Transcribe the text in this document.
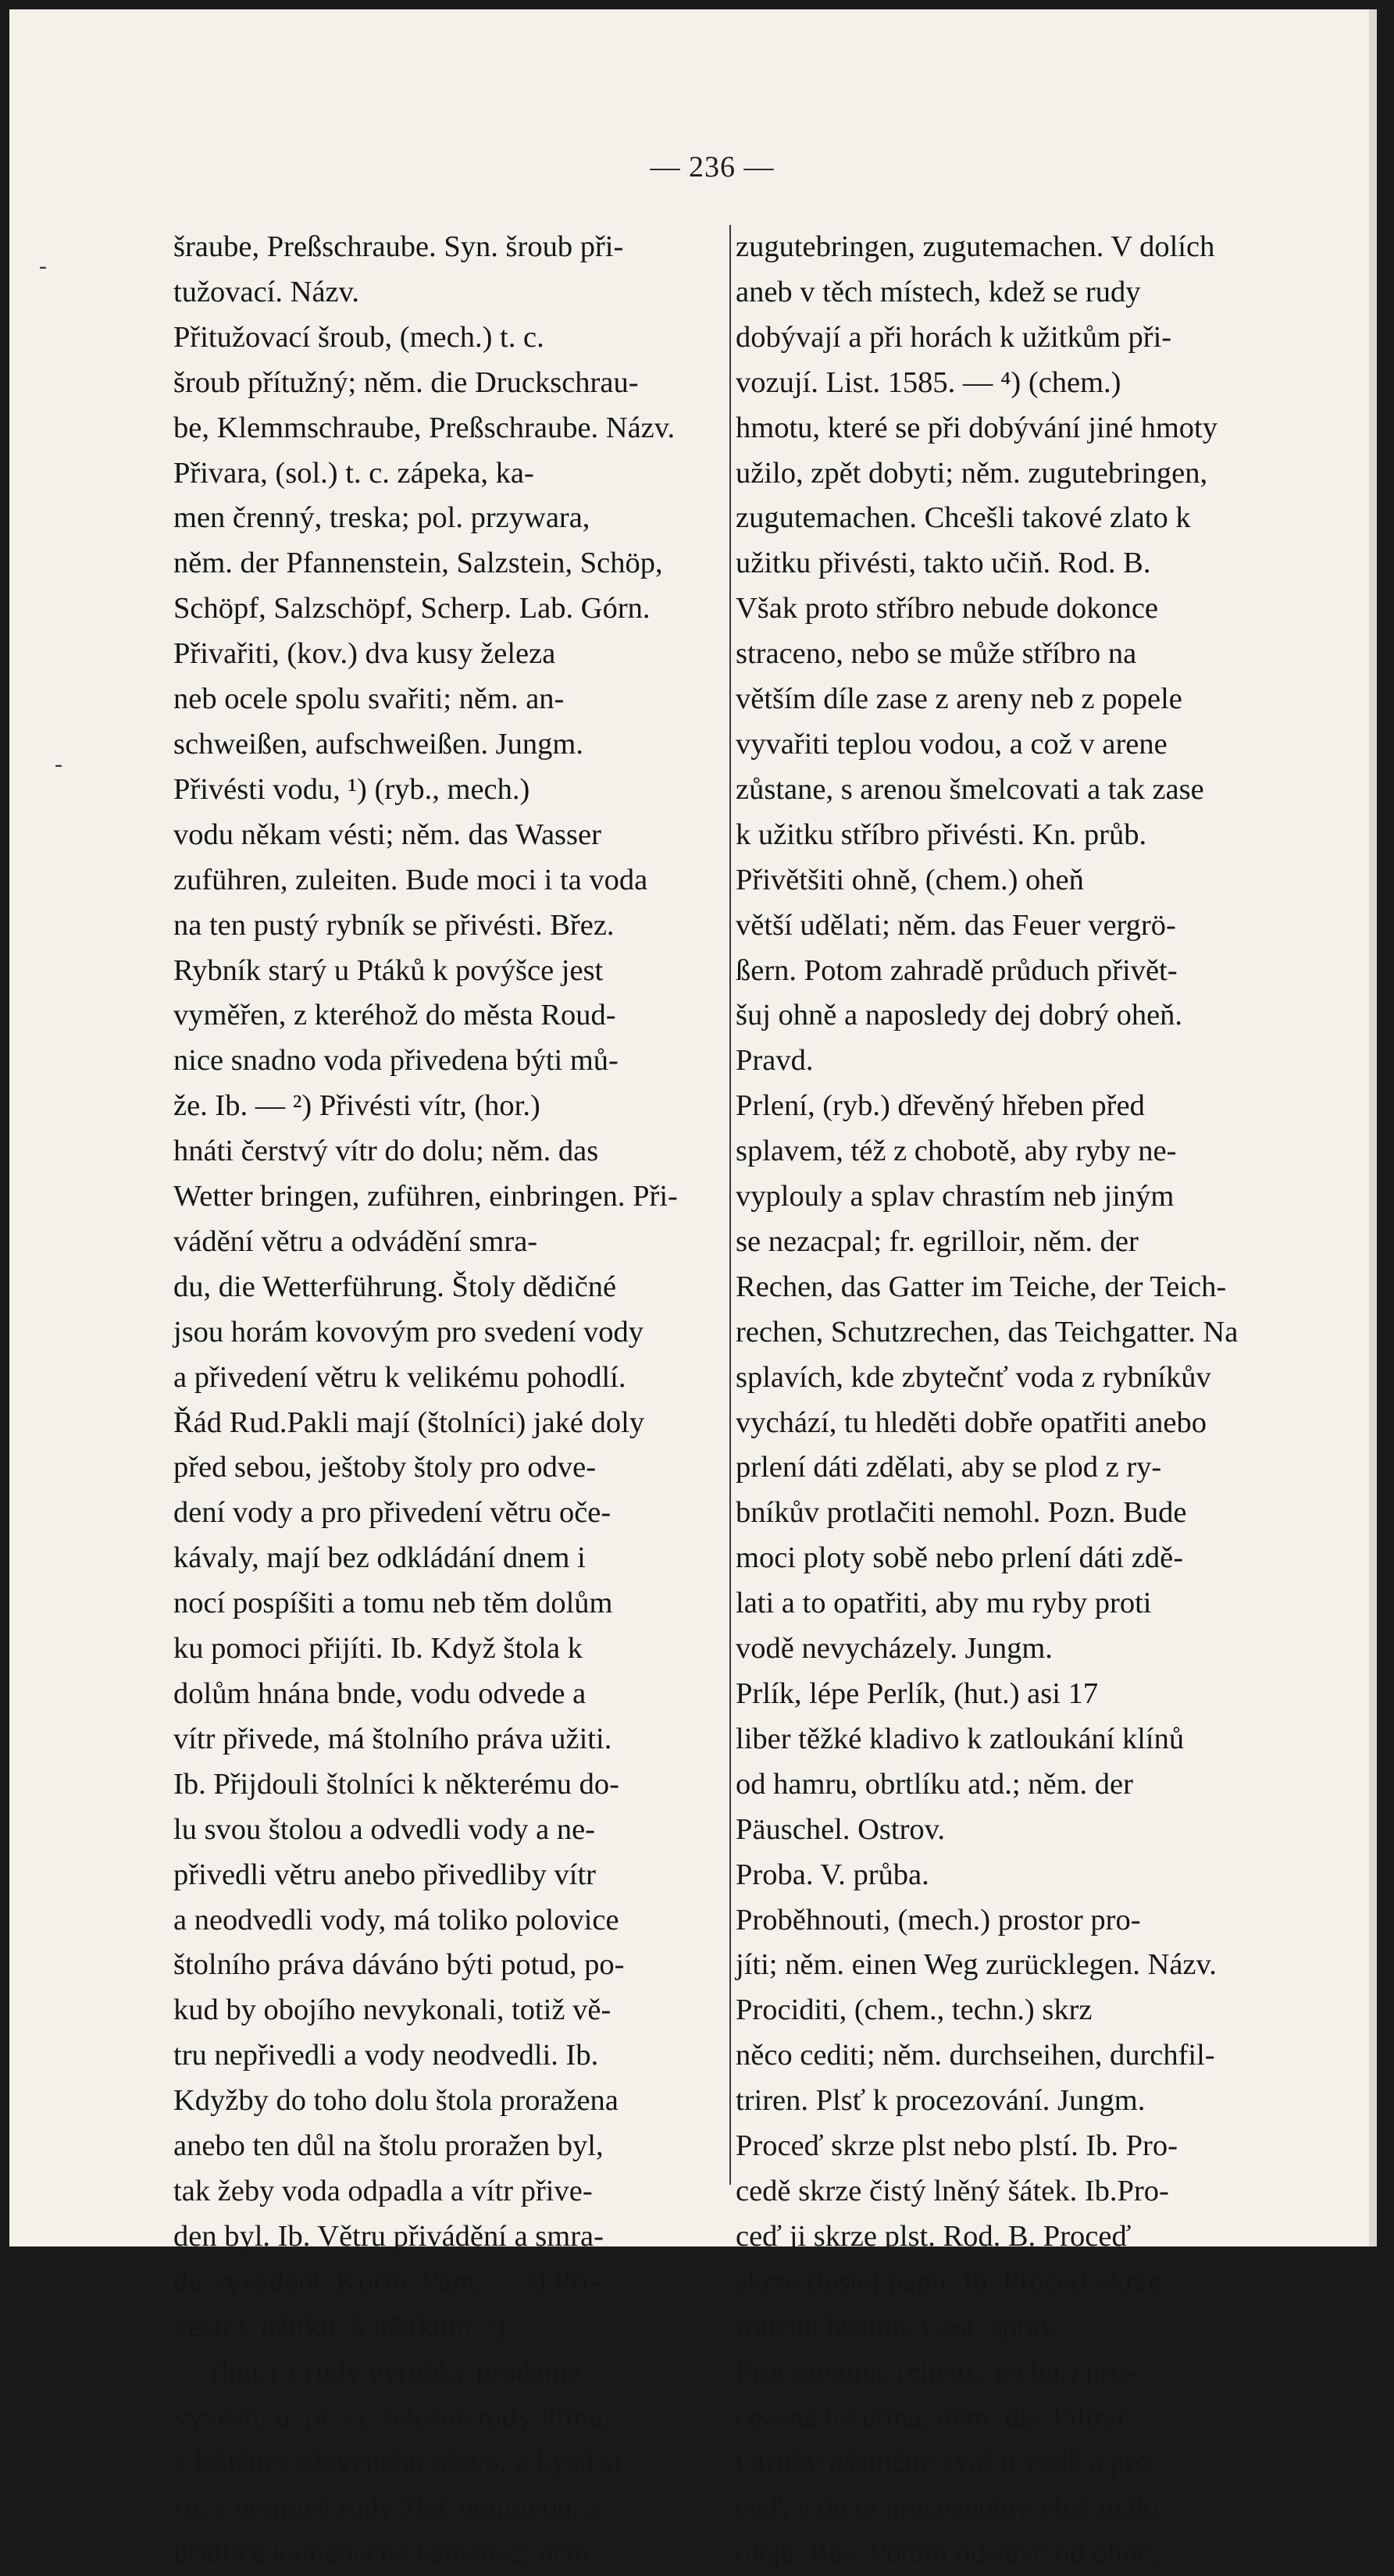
-
-
— 236 —
šraube, Preßschraube. Syn. šroub při-
tužovací. Názv.
Přitužovací šroub, (mech.) t. c.
šroub přítužný; něm. die Druckschrau-
be, Klemmschraube, Preßschraube. Názv.
Přivara, (sol.) t. c. zápeka, ka-
men črenný, treska; pol. przywara,
něm. der Pfannenstein, Salzstein, Schöp,
Schöpf, Salzschöpf, Scherp. Lab. Górn.
Přivařiti, (kov.) dva kusy železa
neb ocele spolu svařiti; něm. an-
schweißen, aufschweißen. Jungm.
Přivésti vodu, ¹) (ryb., mech.)
vodu někam vésti; něm. das Wasser
zuführen, zuleiten. Bude moci i ta voda
na ten pustý rybník se přivésti. Břez.
Rybník starý u Ptáků k povýšce jest
vyměřen, z kteréhož do města Roud-
nice snadno voda přivedena býti mů-
že. Ib. — ²) Přivésti vítr, (hor.)
hnáti čerstvý vítr do dolu; něm. das
Wetter bringen, zuführen, einbringen. Při-
vádění větru a odvádění smra-
du, die Wetterführung. Štoly dědičné
jsou horám kovovým pro svedení vody
a přivedení větru k velikému pohodlí.
Řád Rud.Pakli mají (štolníci) jaké doly
před sebou, ještoby štoly pro odve-
dení vody a pro přivedení větru oče-
kávaly, mají bez odkládání dnem i
nocí pospíšiti a tomu neb těm dolům
ku pomoci přijíti. Ib. Když štola k
dolům hnána bnde, vodu odvede a
vítr přivede, má štolního práva užiti.
Ib. Přijdouli štolníci k některému do-
lu svou štolou a odvedli vody a ne-
přivedli větru anebo přivedliby vítr
a neodvedli vody, má toliko polovice
štolního práva dáváno býti potud, po-
kud by obojího nevykonali, totiž vě-
tru nepřivedli a vody neodvedli. Ib.
Kdyžby do toho dolu štola proražena
anebo ten důl na štolu proražen byl,
tak žeby voda odpadla a vítr přive-
den byl. Ib. Větru přivádění a smra-
du vyvádění. Kořín. Pam. — ³) Při-
vésti k užitku, k užitkům, ³)
— (hut.) z rudy výrobky prodajné
vyvésti, u. př. ze železné rudy litinu,
z leštěnce olověného olovo, z kyzů sí-
ru, z uranové rudy žluť uranovou, z
břidlice kamenečné kamenec; něm.
zugutebringen, zugutemachen. V dolích
aneb v těch místech, kdež se rudy
dobývají a při horách k užitkům při-
vozují. List. 1585. — ⁴) (chem.)
hmotu, které se při dobývání jiné hmoty
užilo, zpět dobyti; něm. zugutebringen,
zugutemachen. Chcešli takové zlato k
užitku přivésti, takto učiň. Rod. B.
Však proto stříbro nebude dokonce
straceno, nebo se může stříbro na
větším díle zase z areny neb z popele
vyvařiti teplou vodou, a což v arene
zůstane, s arenou šmelcovati a tak zase
k užitku stříbro přivésti. Kn. průb.
Přivětšiti ohně, (chem.) oheň
větší udělati; něm. das Feuer vergrö-
ßern. Potom zahradě průduch přivět-
šuj ohně a naposledy dej dobrý oheň.
Pravd.
Prlení, (ryb.) dřevěný hřeben před
splavem, též z chobotě, aby ryby ne-
vyplouly a splav chrastím neb jiným
se nezacpal; fr. egrilloir, něm. der
Rechen, das Gatter im Teiche, der Teich-
rechen, Schutzrechen, das Teichgatter. Na
splavích, kde zbytečnť voda z rybníkův
vychází, tu hleděti dobře opatřiti anebo
prlení dáti zdělati, aby se plod z ry-
bníkův protlačiti nemohl. Pozn. Bude
moci ploty sobě nebo prlení dáti zdě-
lati a to opatřiti, aby mu ryby proti
vodě nevycházely. Jungm.
Prlík, lépe Perlík, (hut.) asi 17
liber těžké kladivo k zatloukání klínů
od hamru, obrtlíku atd.; něm. der
Päuschel. Ostrov.
Proba. V. průba.
Proběhnouti, (mech.) prostor pro-
jíti; něm. einen Weg zurücklegen. Názv.
Prociditi, (chem., techn.) skrz
něco cediti; něm. durchseihen, durchfil-
triren. Plsť k procezování. Jungm.
Proceď skrze plst nebo plstí. Ib. Pro-
cedě skrze čistý lněný šátek. Ib.Pro-
ceď ji skrze plst. Rod. B. Proceď
skrze tlustej papír. Ib. Proceď skrze
rouchu hustou. Cest. sprav.
Procezenina, (chem., techn.) pro-
cezená tekutina; něm. das Filtrat.
Otruby pšeničné zvař u vodě a pro-
ceď, a do té procezeniny vlož málo
oleje. Ras. Potom odstavě od ohně,
